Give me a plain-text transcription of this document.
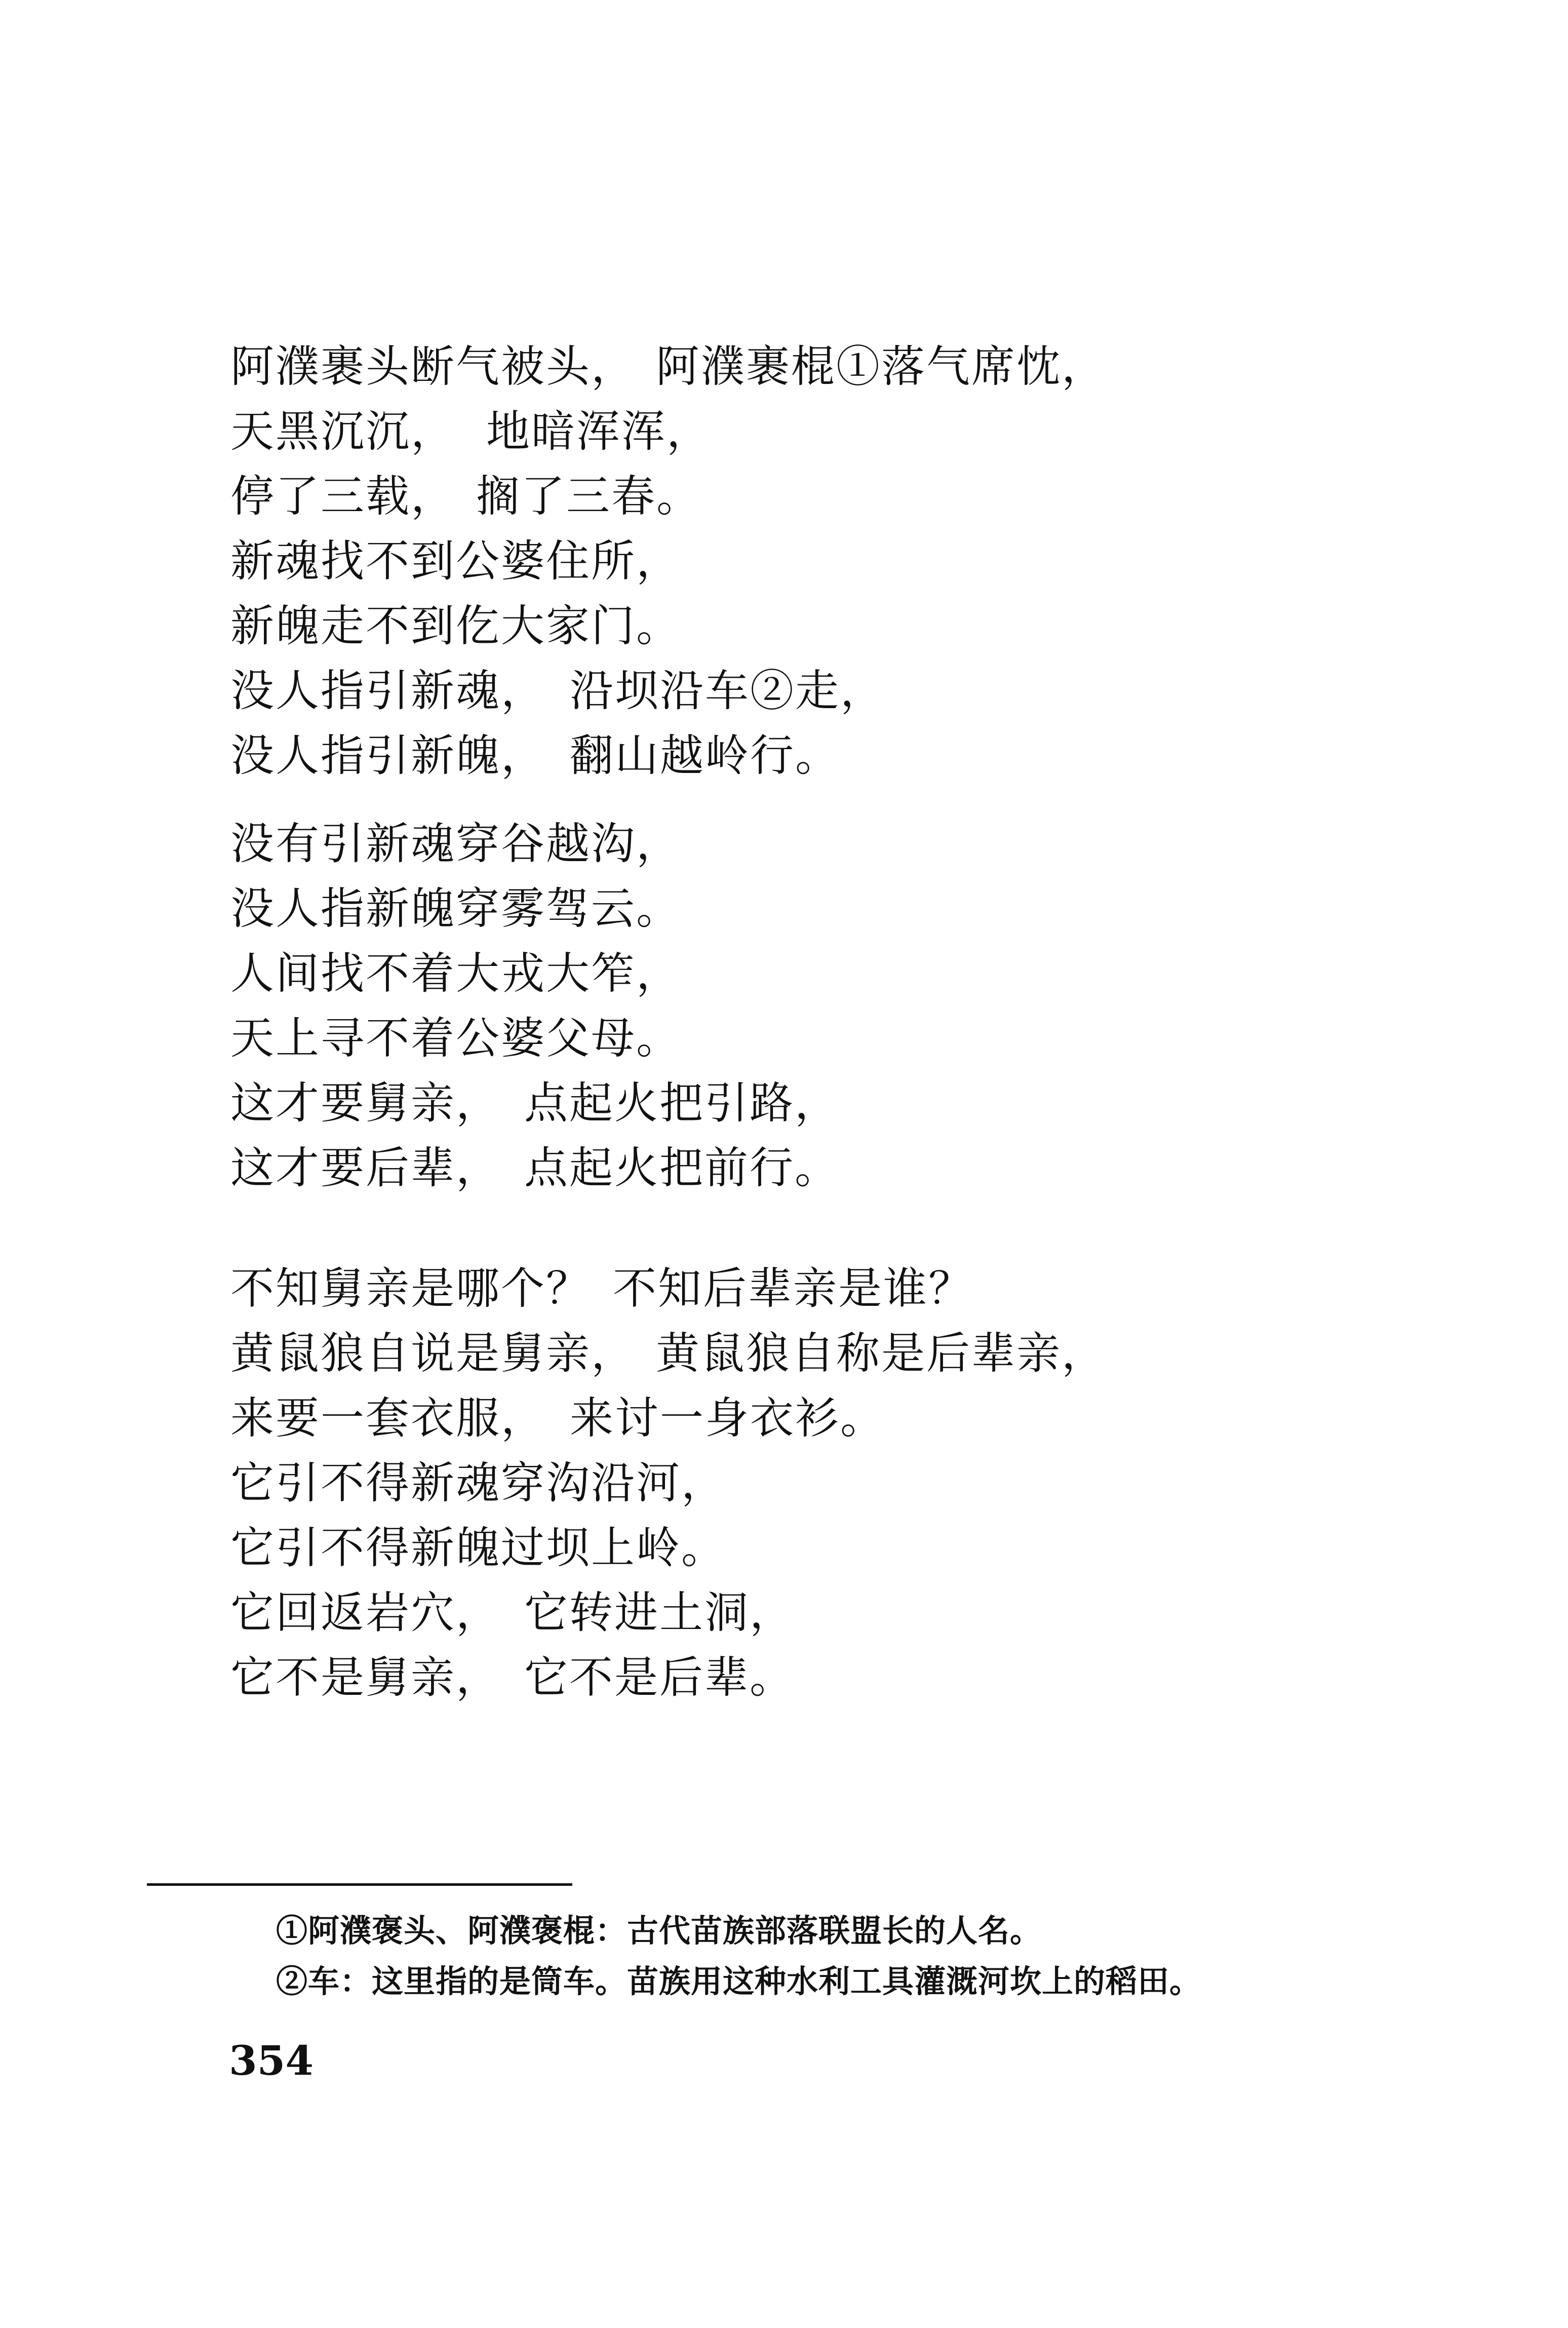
阿濮裹头断气被头， 阿濮裹棍①落气席忱，
天黑沉沉， 地暗浑浑，
停了三载， 搁了三春。
新魂找不到公婆住所，
新魄走不到仡大家门。
没人指引新魂， 沿坝沿车②走，
没人指引新魄， 翻山越岭行。
没有引新魂穿谷越沟，
没人指新魄穿雾驾云。
人间找不着大戎大笮，
天上寻不着公婆父母。
这才要舅亲， 点起火把引路，
这才要后辈， 点起火把前行。
不知舅亲是哪个？ 不知后辈亲是谁？
黄鼠狼自说是舅亲， 黄鼠狼自称是后辈亲，
来要一套衣服， 来讨一身衣衫。
它引不得新魂穿沟沿河，
它引不得新魄过坝上岭。
它回返岩穴， 它转进土洞，
它不是舅亲， 它不是后辈。
①阿濮褒头、阿濮褒棍：古代苗族部落联盟长的人名。
②车：这里指的是筒车。苗族用这种水利工具灌溉河坎上的稻田。
354
